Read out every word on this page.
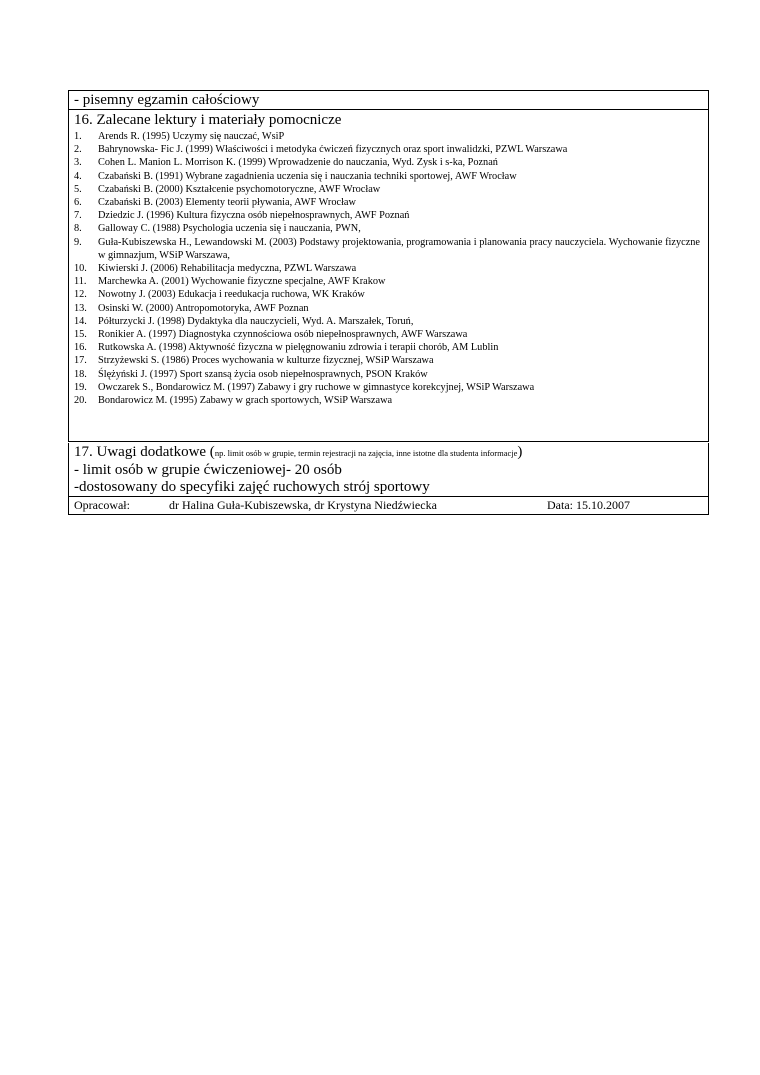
- pisemny egzamin całościowy
16. Zalecane lektury i materiały pomocnicze
1.	Arends R. (1995) Uczymy się nauczać, WsiP
2.	Bahrynowska- Fic J. (1999) Właściwości i metodyka ćwiczeń fizycznych oraz sport inwalidzki, PZWL Warszawa
3.	Cohen L. Manion L. Morrison K. (1999) Wprowadzenie do nauczania, Wyd. Zysk i s-ka, Poznań
4.	Czabański B. (1991) Wybrane zagadnienia uczenia się i nauczania techniki sportowej, AWF Wrocław
5.	Czabański B. (2000) Kształcenie psychomotoryczne, AWF Wrocław
6.	Czabański B. (2003) Elementy teorii pływania, AWF Wrocław
7.	Dziedzic J. (1996) Kultura fizyczna osób niepełnosprawnych, AWF Poznań
8.	Galloway C. (1988) Psychologia uczenia się i nauczania, PWN,
9.	Guła-Kubiszewska H., Lewandowski M. (2003) Podstawy projektowania, programowania i planowania pracy nauczyciela. Wychowanie fizyczne w gimnazjum, WSiP Warszawa,
10.	Kiwierski J. (2006) Rehabilitacja medyczna, PZWL Warszawa
11.	Marchewka A. (2001) Wychowanie fizyczne specjalne, AWF Krakow
12.	Nowotny J. (2003) Edukacja i reedukacja ruchowa, WK Kraków
13.	Osinski W. (2000) Antropomotoryka, AWF Poznan
14.	Półturzycki J. (1998) Dydaktyka dla nauczycieli, Wyd. A. Marszałek, Toruń,
15.	Ronikier A. (1997) Diagnostyka czynnościowa osób niepełnosprawnych, AWF Warszawa
16.	Rutkowska A. (1998) Aktywność fizyczna w pielęgnowaniu zdrowia i terapii chorób, AM Lublin
17.	Strzyżewski S. (1986) Proces wychowania w kulturze fizycznej, WSiP Warszawa
18.	Ślężyński J. (1997) Sport szansą życia osob niepełnosprawnych, PSON Kraków
19.	Owczarek S., Bondarowicz M. (1997) Zabawy i gry ruchowe w gimnastyce korekcyjnej, WSiP Warszawa
20.	Bondarowicz M. (1995) Zabawy w grach sportowych, WSiP Warszawa
17. Uwagi dodatkowe (np. limit osób w grupie, termin rejestracji na zajęcia, inne istotne dla studenta informacje)
- limit osób w grupie ćwiczeniowej- 20 osób
-dostosowany do specyfiki zajęć ruchowych strój sportowy
Opracował:	dr Halina Guła-Kubiszewska, dr Krystyna Niedźwiecka	Data: 15.10.2007
